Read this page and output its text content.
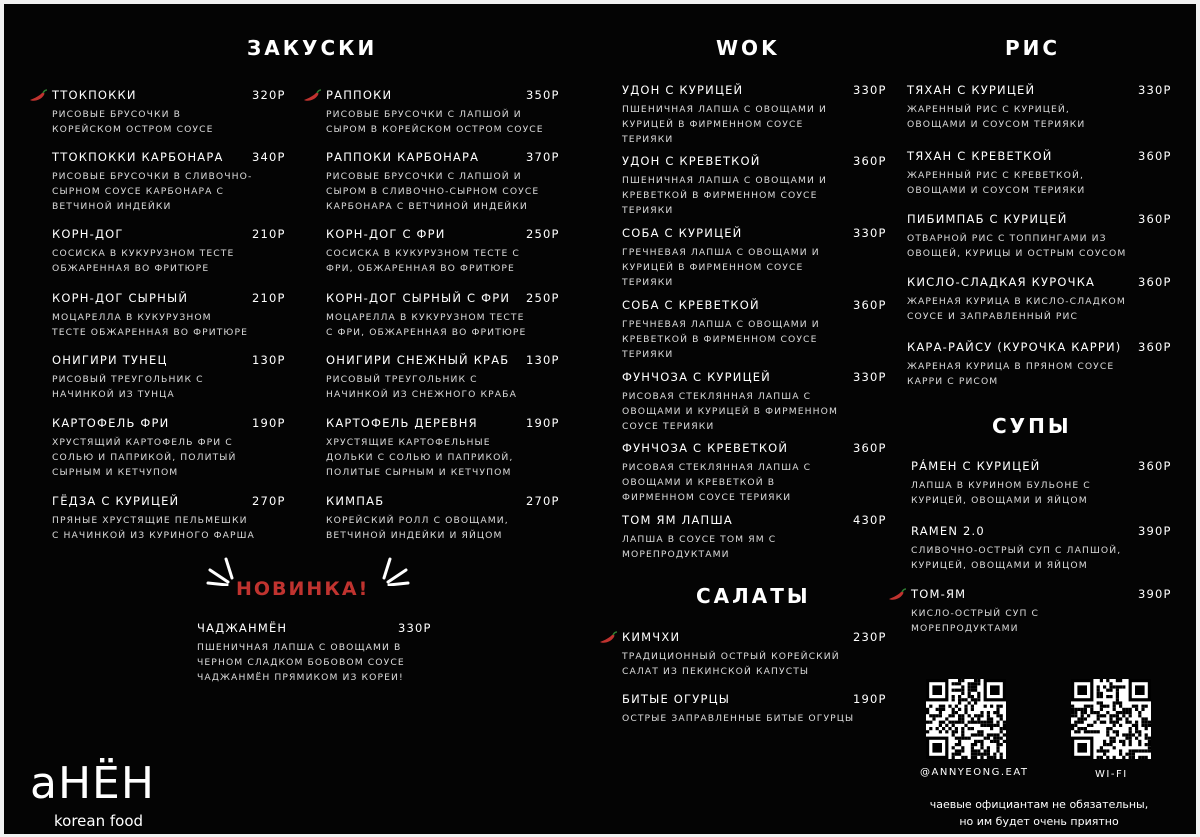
ТТОКПОККИ	320Р
РИСОВЫЕ БРУСОЧКИ В
КОРЕЙСКОМ ОСТРОМ СОУСЕ
ТТОКПОККИ КАРБОНАРА 340Р
РИСОВЫЕ БРУСОЧКИ В СЛИВОЧНО-
СЫРНОМ СОУСЕ КАРБОНАРА С
ВЕТЧИНОЙ ИНДЕЙКИ
КОРН-ДОГ	210Р
СОСИСКА В КУКУРУЗНОМ ТЕСТЕ
ОБЖАРЕННАЯ ВО ФРИТЮРЕ
КОРН-ДОГ СЫРНЫЙ	210Р
МОЦАРЕЛЛА В КУКУРУЗНОМ
ТЕСТЕ ОБЖАРЕННАЯ ВО ФРИТЮРЕ
ОНИГИРИ ТУНЕЦ	130Р
РИСОВЫЙ ТРЕУГОЛЬНИК С
НАЧИНКОЙ ИЗ ТУНЦА
КАРТОФЕЛЬ ФРИ	190Р
ХРУСТЯЩИЙ КАРТОФЕЛЬ ФРИ С
СОЛЬЮ И ПАПРИКОЙ, ПОЛИТЫЙ
СЫРНЫМ И КЕТЧУПОМ
ГЁДЗА С КУРИЦЕЙ	270Р
ПРЯНЫЕ ХРУСТЯЩИЕ ПЕЛЬМЕШКИ
С НАЧИНКОЙ ИЗ КУРИНОГО ФАРША
РАППОКИ	350Р
РИСОВЫЕ БРУСОЧКИ С ЛАПШОЙ И
СЫРОМ В КОРЕЙСКОМ ОСТРОМ СОУСЕ
РАППОКИ КАРБОНАРА	370Р
РИСОВЫЕ БРУСОЧКИ С ЛАПШОЙ И
СЫРОМ В СЛИВОЧНО-СЫРНОМ СОУСЕ
КАРБОНАРА С ВЕТЧИНОЙ ИНДЕЙКИ
КОРН-ДОГ С ФРИ	250Р
СОСИСКА В КУКУРУЗНОМ ТЕСТЕ С
ФРИ, ОБЖАРЕННАЯ ВО ФРИТЮРЕ
КОРН-ДОГ СЫРНЫЙ С ФРИ 250Р
МОЦАРЕЛЛА В КУКУРУЗНОМ ТЕСТЕ
С ФРИ, ОБЖАРЕННАЯ ВО ФРИТЮРЕ
ОНИГИРИ СНЕЖНЫЙ КРАБ 130Р
РИСОВЫЙ ТРЕУГОЛЬНИК С
НАЧИНКОЙ ИЗ СНЕЖНОГО КРАБА
КАРТОФЕЛЬ ДЕРЕВНЯ	190Р
ХРУСТЯЩИЕ КАРТОФЕЛЬНЫЕ
ДОЛЬКИ С СОЛЬЮ И ПАПРИКОЙ,
ПОЛИТЫЕ СЫРНЫМ И КЕТЧУПОМ
КИМПАБ	270Р
КОРЕЙСКИЙ РОЛЛ С ОВОЩАМИ,
ВЕТЧИНОЙ ИНДЕЙКИ И ЯЙЦОМ
УДОН С КУРИЦЕЙ	330Р
ПШЕНИЧНАЯ ЛАПША С ОВОЩАМИ И
КУРИЦЕЙ В ФИРМЕННОМ СОУСЕ
ТЕРИЯКИ
УДОН С КРЕВЕТКОЙ	360Р
ПШЕНИЧНАЯ ЛАПША С ОВОЩАМИ И
КРЕВЕТКОЙ В ФИРМЕННОМ СОУСЕ
ТЕРИЯКИ
СОБА С КУРИЦЕЙ	330Р
ГРЕЧНЕВАЯ ЛАПША С ОВОЩАМИ И
КУРИЦЕЙ В ФИРМЕННОМ СОУСЕ
ТЕРИЯКИ
СОБА С КРЕВЕТКОЙ	360Р
ГРЕЧНЕВАЯ ЛАПША С ОВОЩАМИ И
КРЕВЕТКОЙ В ФИРМЕННОМ СОУСЕ
ТЕРИЯКИ
ФУНЧОЗА С КУРИЦЕЙ	330Р
РИСОВАЯ СТЕКЛЯННАЯ ЛАПША С
ОВОЩАМИ И КУРИЦЕЙ В ФИРМЕННОМ
СОУСЕ ТЕРИЯКИ
ФУНЧОЗА С КРЕВЕТКОЙ	360Р
РИСОВАЯ СТЕКЛЯННАЯ ЛАПША С
ОВОЩАМИ И КРЕВЕТКОЙ В
ФИРМЕННОМ СОУСЕ ТЕРИЯКИ
ТОМ ЯМ ЛАПША	430Р
ЛАПША В СОУСЕ ТОМ ЯМ С
МОРЕПРОДУКТАМИ
КИМЧХИ	230Р
ТРАДИЦИОННЫЙ ОСТРЫЙ КОРЕЙСКИЙ
САЛАТ ИЗ ПЕКИНСКОЙ КАПУСТЫ
БИТЫЕ ОГУРЦЫ	190Р
ОСТРЫЕ ЗАПРАВЛЕННЫЕ БИТЫЕ ОГУРЦЫ
ТЯХАН С КУРИЦЕЙ	330Р
ЖАРЕННЫЙ РИС С КУРИЦЕЙ,
ОВОЩАМИ И СОУСОМ ТЕРИЯКИ
ТЯХАН С КРЕВЕТКОЙ	360Р
ЖАРЕННЫЙ РИС С КРЕВЕТКОЙ,
ОВОЩАМИ И СОУСОМ ТЕРИЯКИ
ПИБИМПАБ С КУРИЦЕЙ	360Р
ОТВАРНОЙ РИС С ТОППИНГАМИ ИЗ
ОВОЩЕЙ, КУРИЦЫ И ОСТРЫМ СОУСОМ
КИСЛО-СЛАДКАЯ КУРОЧКА	360Р
ЖАРЕНАЯ КУРИЦА В КИСЛО-СЛАДКОМ
СОУСЕ И ЗАПРАВЛЕННЫЙ РИС
КАРА-РАЙСУ (КУРОЧКА КАРРИ) 360Р
ЖАРЕНАЯ КУРИЦА В ПРЯНОМ СОУСЕ
КАРРИ С РИСОМ
РÁМЕН С КУРИЦЕЙ	360Р
ЛАПША В КУРИНОМ БУЛЬОНЕ С
КУРИЦЕЙ, ОВОЩАМИ И ЯЙЦОМ
RAMEN 2.0	390Р
СЛИВОЧНО-ОСТРЫЙ СУП С ЛАПШОЙ,
КУРИЦЕЙ, ОВОЩАМИ И ЯЙЦОМ
ТОМ-ЯМ	390Р
КИСЛО-ОСТРЫЙ СУП С
МОРЕПРОДУКТАМИ
ЧАДЖАНМЁН	330Р
ПШЕНИЧНАЯ ЛАПША С ОВОЩАМИ В
ЧЕРНОМ СЛАДКОМ БОБОВОМ СОУСЕ
ЧАДЖАНМЁН ПРЯМИКОМ ИЗ КОРЕИ!
ЗАКУСКИ	WOK	РИС
САЛАТЫ
СУПЫ
НОВИНКА!
@ANNYEONG.EAT	WI-FI
чаевые официантам не обязательны,
но им будет очень приятно
аНЁН
korean food
